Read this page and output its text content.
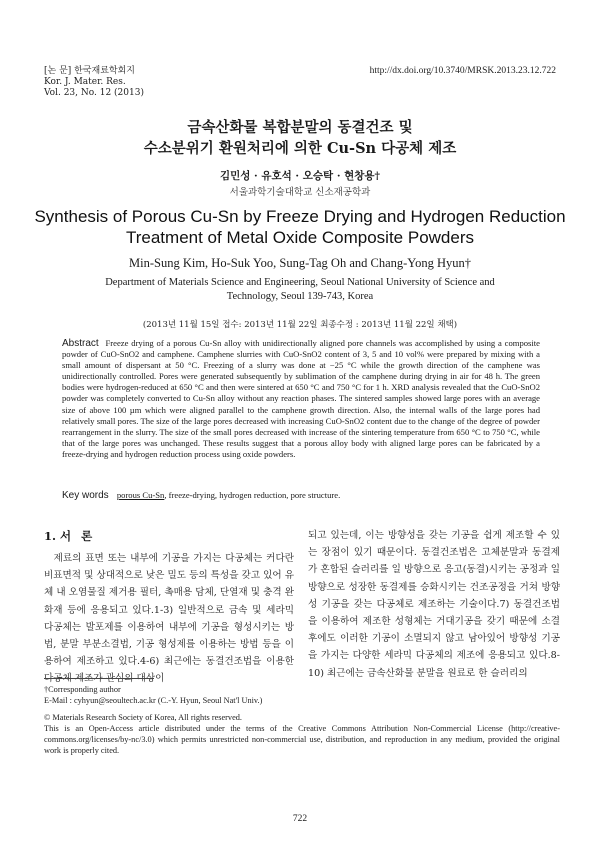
[논 문] 한국재료학회지
Kor. J. Mater. Res.
Vol. 23, No. 12 (2013)
http://dx.doi.org/10.3740/MRSK.2013.23.12.722
금속산화물 복합분말의 동결건조 및
수소분위기 환원처리에 의한 Cu-Sn 다공체 제조
김민성 · 유호석 · 오승탁 · 현창용†
서울과학기술대학교 신소재공학과
Synthesis of Porous Cu-Sn by Freeze Drying and Hydrogen Reduction
Treatment of Metal Oxide Composite Powders
Min-Sung Kim, Ho-Suk Yoo, Sung-Tag Oh and Chang-Yong Hyun†
Department of Materials Science and Engineering, Seoul National University of Science and
Technology, Seoul 139-743, Korea
(2013년 11월 15일 접수: 2013년 11월 22일 최종수정 : 2013년 11월 22일 채택)
Abstract Freeze drying of a porous Cu-Sn alloy with unidirectionally aligned pore channels was accomplished by using a composite powder of CuO-SnO2 and camphene. Camphene slurries with CuO-SnO2 content of 3, 5 and 10 vol% were prepared by mixing with a small amount of dispersant at 50 °C. Freezing of a slurry was done at −25 °C while the growth direction of the camphene was unidirectionally controlled. Pores were generated subsequently by sublimation of the camphene during drying in air for 48 h. The green bodies were hydrogen-reduced at 650 °C and then were sintered at 650 °C and 750 °C for 1 h. XRD analysis revealed that the CuO-SnO2 powder was completely converted to Cu-Sn alloy without any reaction phases. The sintered samples showed large pores with an average size of above 100 µm which were aligned parallel to the camphene growth direction. Also, the internal walls of the large pores had relatively small pores. The size of the large pores decreased with increasing CuO-SnO2 content due to the change of the degree of powder rearrangement in the slurry. The size of the small pores decreased with increase of the sintering temperature from 650 °C to 750 °C, while that of the large pores was unchanged. These results suggest that a porous alloy body with aligned large pores can be fabricated by a freeze-drying and hydrogen reduction process using oxide powders.
Key words porous Cu-Sn, freeze-drying, hydrogen reduction, pore structure.
1. 서 론
제료의 표면 또는 내부에 기공을 가지는 다공체는 커다란 비표면적 및 상대적으로 낮은 밀도 등의 특성을 갖고 있어 유체 내 오염물질 제거용 필터, 촉매용 담체, 단열재 및 충격 완화재 등에 응용되고 있다.1-3) 일반적으로 금속 및 세라믹 다공체는 발포제를 이용하여 내부에 기공을 형성시키는 방법, 분말 부분소결법, 기공 형성제를 이용하는 방법 등을 이용하여 제조하고 있다.4-6) 최근에는 동결건조법을 이용한 다공체 제조가 관심의 대상이
되고 있는데, 이는 방향성을 갖는 기공을 쉽게 제조할 수 있는 장점이 있기 때문이다. 동결건조법은 고체분말과 동결제가 혼합된 슬러리를 일 방향으로 응고(동결)시키는 공정과 일방향으로 성장한 동결제를 승화시키는 건조공정을 거쳐 방향성 기공을 갖는 다공체로 제조하는 기술이다.7) 동결건조법을 이용하여 제조한 성형체는 거대기공을 갖기 때문에 소결 후에도 이러한 기공이 소멸되지 않고 남아있어 방향성 기공을 가지는 다양한 세라믹 다공체의 제조에 응용되고 있다.8-10) 최근에는 금속산화물 분말을 원료로 한 슬러리의
†Corresponding author
E-Mail : cyhyun@seoultech.ac.kr (C.-Y. Hyun, Seoul Nat'l Univ.)
© Materials Research Society of Korea, All rights reserved.
This is an Open-Access article distributed under the terms of the Creative Commons Attribution Non-Commercial License (http://creative-commons.org/licenses/by-nc/3.0) which permits unrestricted non-commercial use, distribution, and reproduction in any medium, provided the original work is properly cited.
722
